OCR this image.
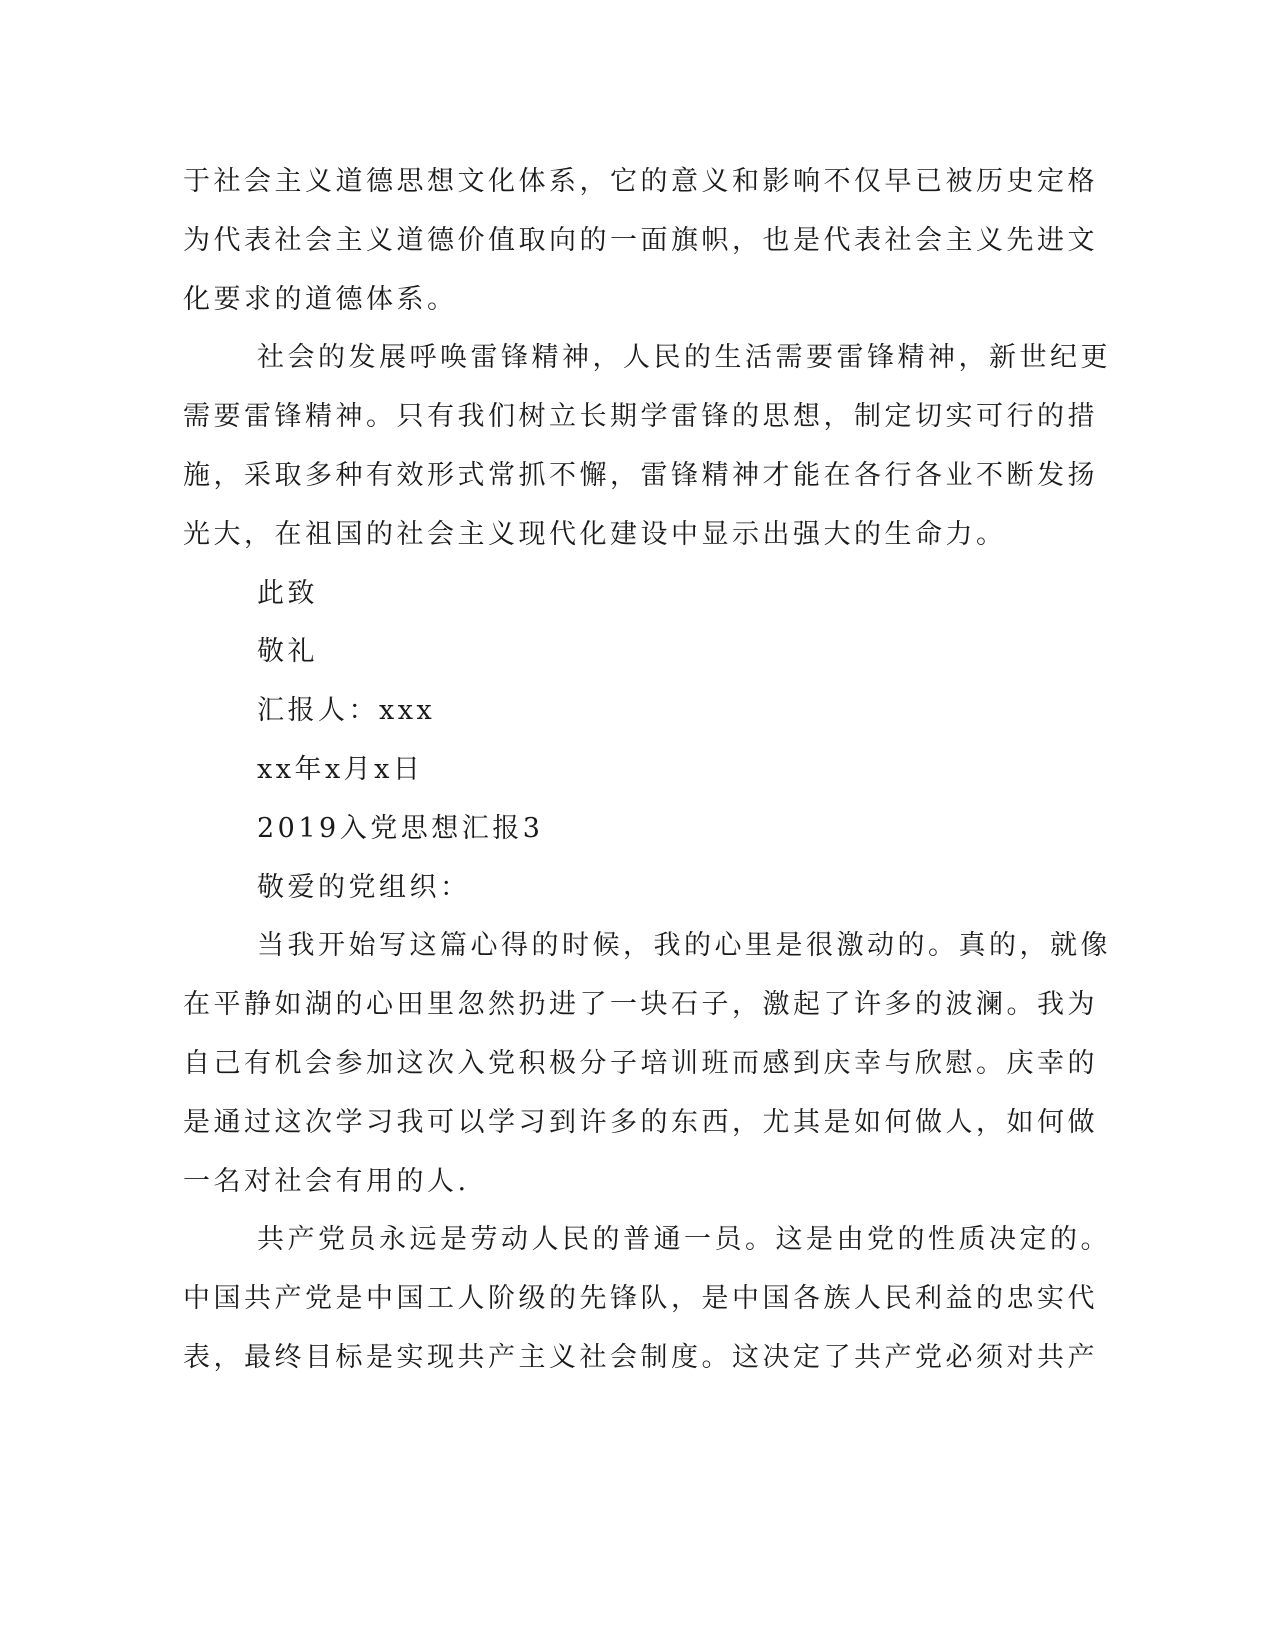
于社会主义道德思想文化体系，它的意义和影响不仅早已被历史定格

为代表社会主义道德价值取向的一面旗帜，也是代表社会主义先进文

化要求的道德体系。

社会的发展呼唤雷锋精神，人民的生活需要雷锋精神，新世纪更

需要雷锋精神。只有我们树立长期学雷锋的思想，制定切实可行的措

施，采取多种有效形式常抓不懈，雷锋精神才能在各行各业不断发扬

光大，在祖国的社会主义现代化建设中显示出强大的生命力。

此致

敬礼

汇报人：xxx

xx年x月x日

2019入党思想汇报3

敬爱的党组织：

当我开始写这篇心得的时候，我的心里是很激动的。真的，就像

在平静如湖的心田里忽然扔进了一块石子，激起了许多的波澜。我为

自己有机会参加这次入党积极分子培训班而感到庆幸与欣慰。庆幸的

是通过这次学习我可以学习到许多的东西，尤其是如何做人，如何做

一名对社会有用的人.

共产党员永远是劳动人民的普通一员。这是由党的性质决定的。

中国共产党是中国工人阶级的先锋队，是中国各族人民利益的忠实代

表，最终目标是实现共产主义社会制度。这决定了共产党必须对共产
